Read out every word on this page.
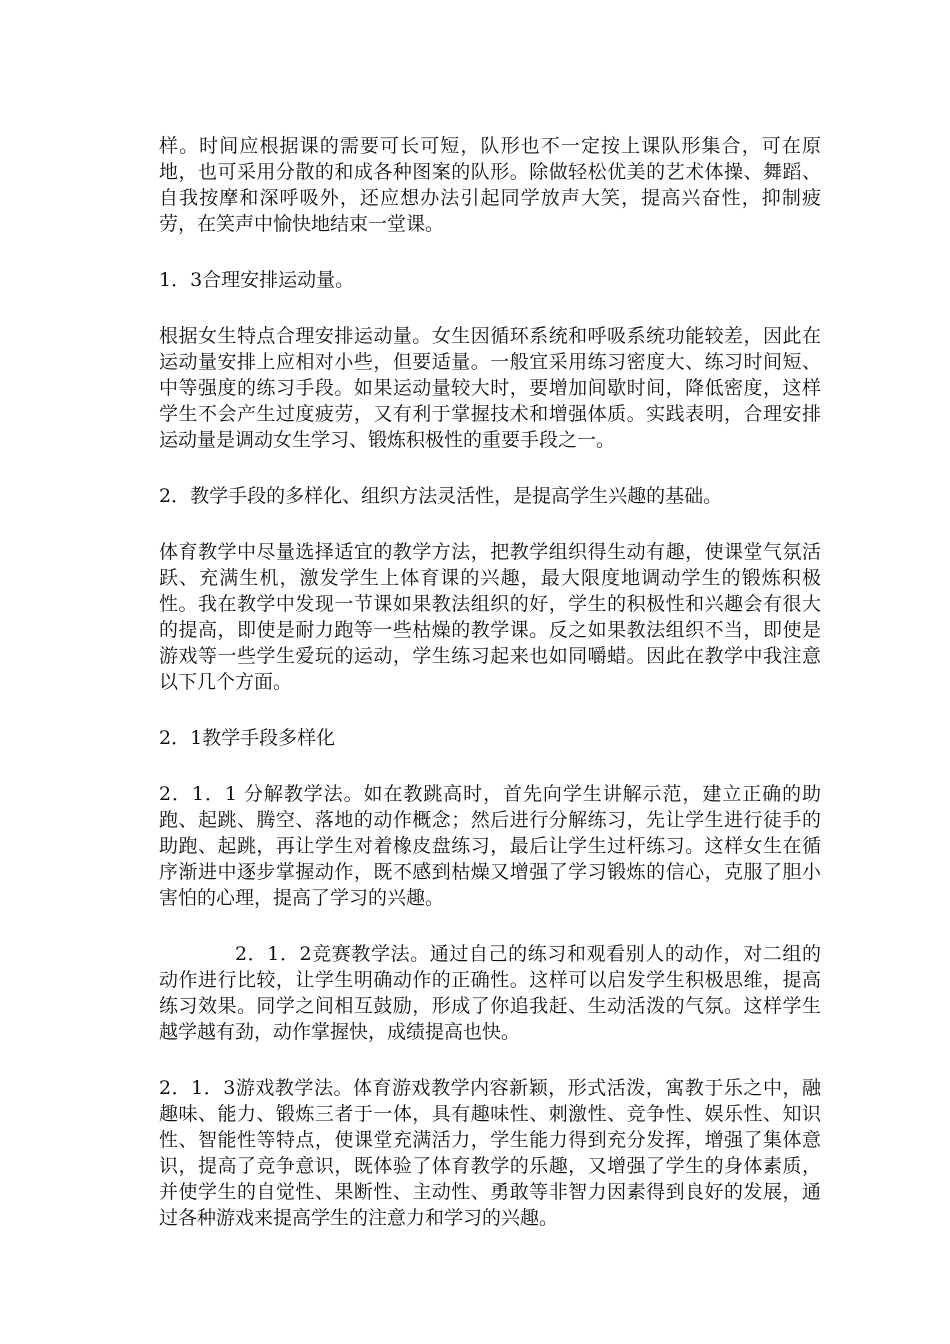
样。时间应根据课的需要可长可短，队形也不一定按上课队形集合，可在原地，也可采用分散的和成各种图案的队形。除做轻松优美的艺术体操、舞蹈、自我按摩和深呼吸外，还应想办法引起同学放声大笑，提高兴奋性，抑制疲劳，在笑声中愉快地结束一堂课。

1．3合理安排运动量。

根据女生特点合理安排运动量。女生因循环系统和呼吸系统功能较差，因此在运动量安排上应相对小些，但要适量。一般宜采用练习密度大、练习时间短、中等强度的练习手段。如果运动量较大时，要增加间歇时间，降低密度，这样学生不会产生过度疲劳，又有利于掌握技术和增强体质。实践表明，合理安排运动量是调动女生学习、锻炼积极性的重要手段之一。

2．教学手段的多样化、组织方法灵活性，是提高学生兴趣的基础。

体育教学中尽量选择适宜的教学方法，把教学组织得生动有趣，使课堂气氛活跃、充满生机，激发学生上体育课的兴趣，最大限度地调动学生的锻炼积极性。我在教学中发现一节课如果教法组织的好，学生的积极性和兴趣会有很大的提高，即使是耐力跑等一些枯燥的教学课。反之如果教法组织不当，即使是游戏等一些学生爱玩的运动，学生练习起来也如同嚼蜡。因此在教学中我注意以下几个方面。

2．1教学手段多样化

2．1．1 分解教学法。如在教跳高时，首先向学生讲解示范，建立正确的助跑、起跳、腾空、落地的动作概念；然后进行分解练习，先让学生进行徒手的助跑、起跳，再让学生对着橡皮盘练习，最后让学生过杆练习。这样女生在循序渐进中逐步掌握动作，既不感到枯燥又增强了学习锻炼的信心，克服了胆小害怕的心理，提高了学习的兴趣。

2．1．2竞赛教学法。通过自己的练习和观看别人的动作，对二组的动作进行比较，让学生明确动作的正确性。这样可以启发学生积极思维，提高练习效果。同学之间相互鼓励，形成了你追我赶、生动活泼的气氛。这样学生越学越有劲，动作掌握快，成绩提高也快。

2．1．3游戏教学法。体育游戏教学内容新颖，形式活泼，寓教于乐之中，融趣味、能力、锻炼三者于一体，具有趣味性、刺激性、竞争性、娱乐性、知识性、智能性等特点，使课堂充满活力，学生能力得到充分发挥，增强了集体意识，提高了竞争意识，既体验了体育教学的乐趣，又增强了学生的身体素质，并使学生的自觉性、果断性、主动性、勇敢等非智力因素得到良好的发展，通过各种游戏来提高学生的注意力和学习的兴趣。
